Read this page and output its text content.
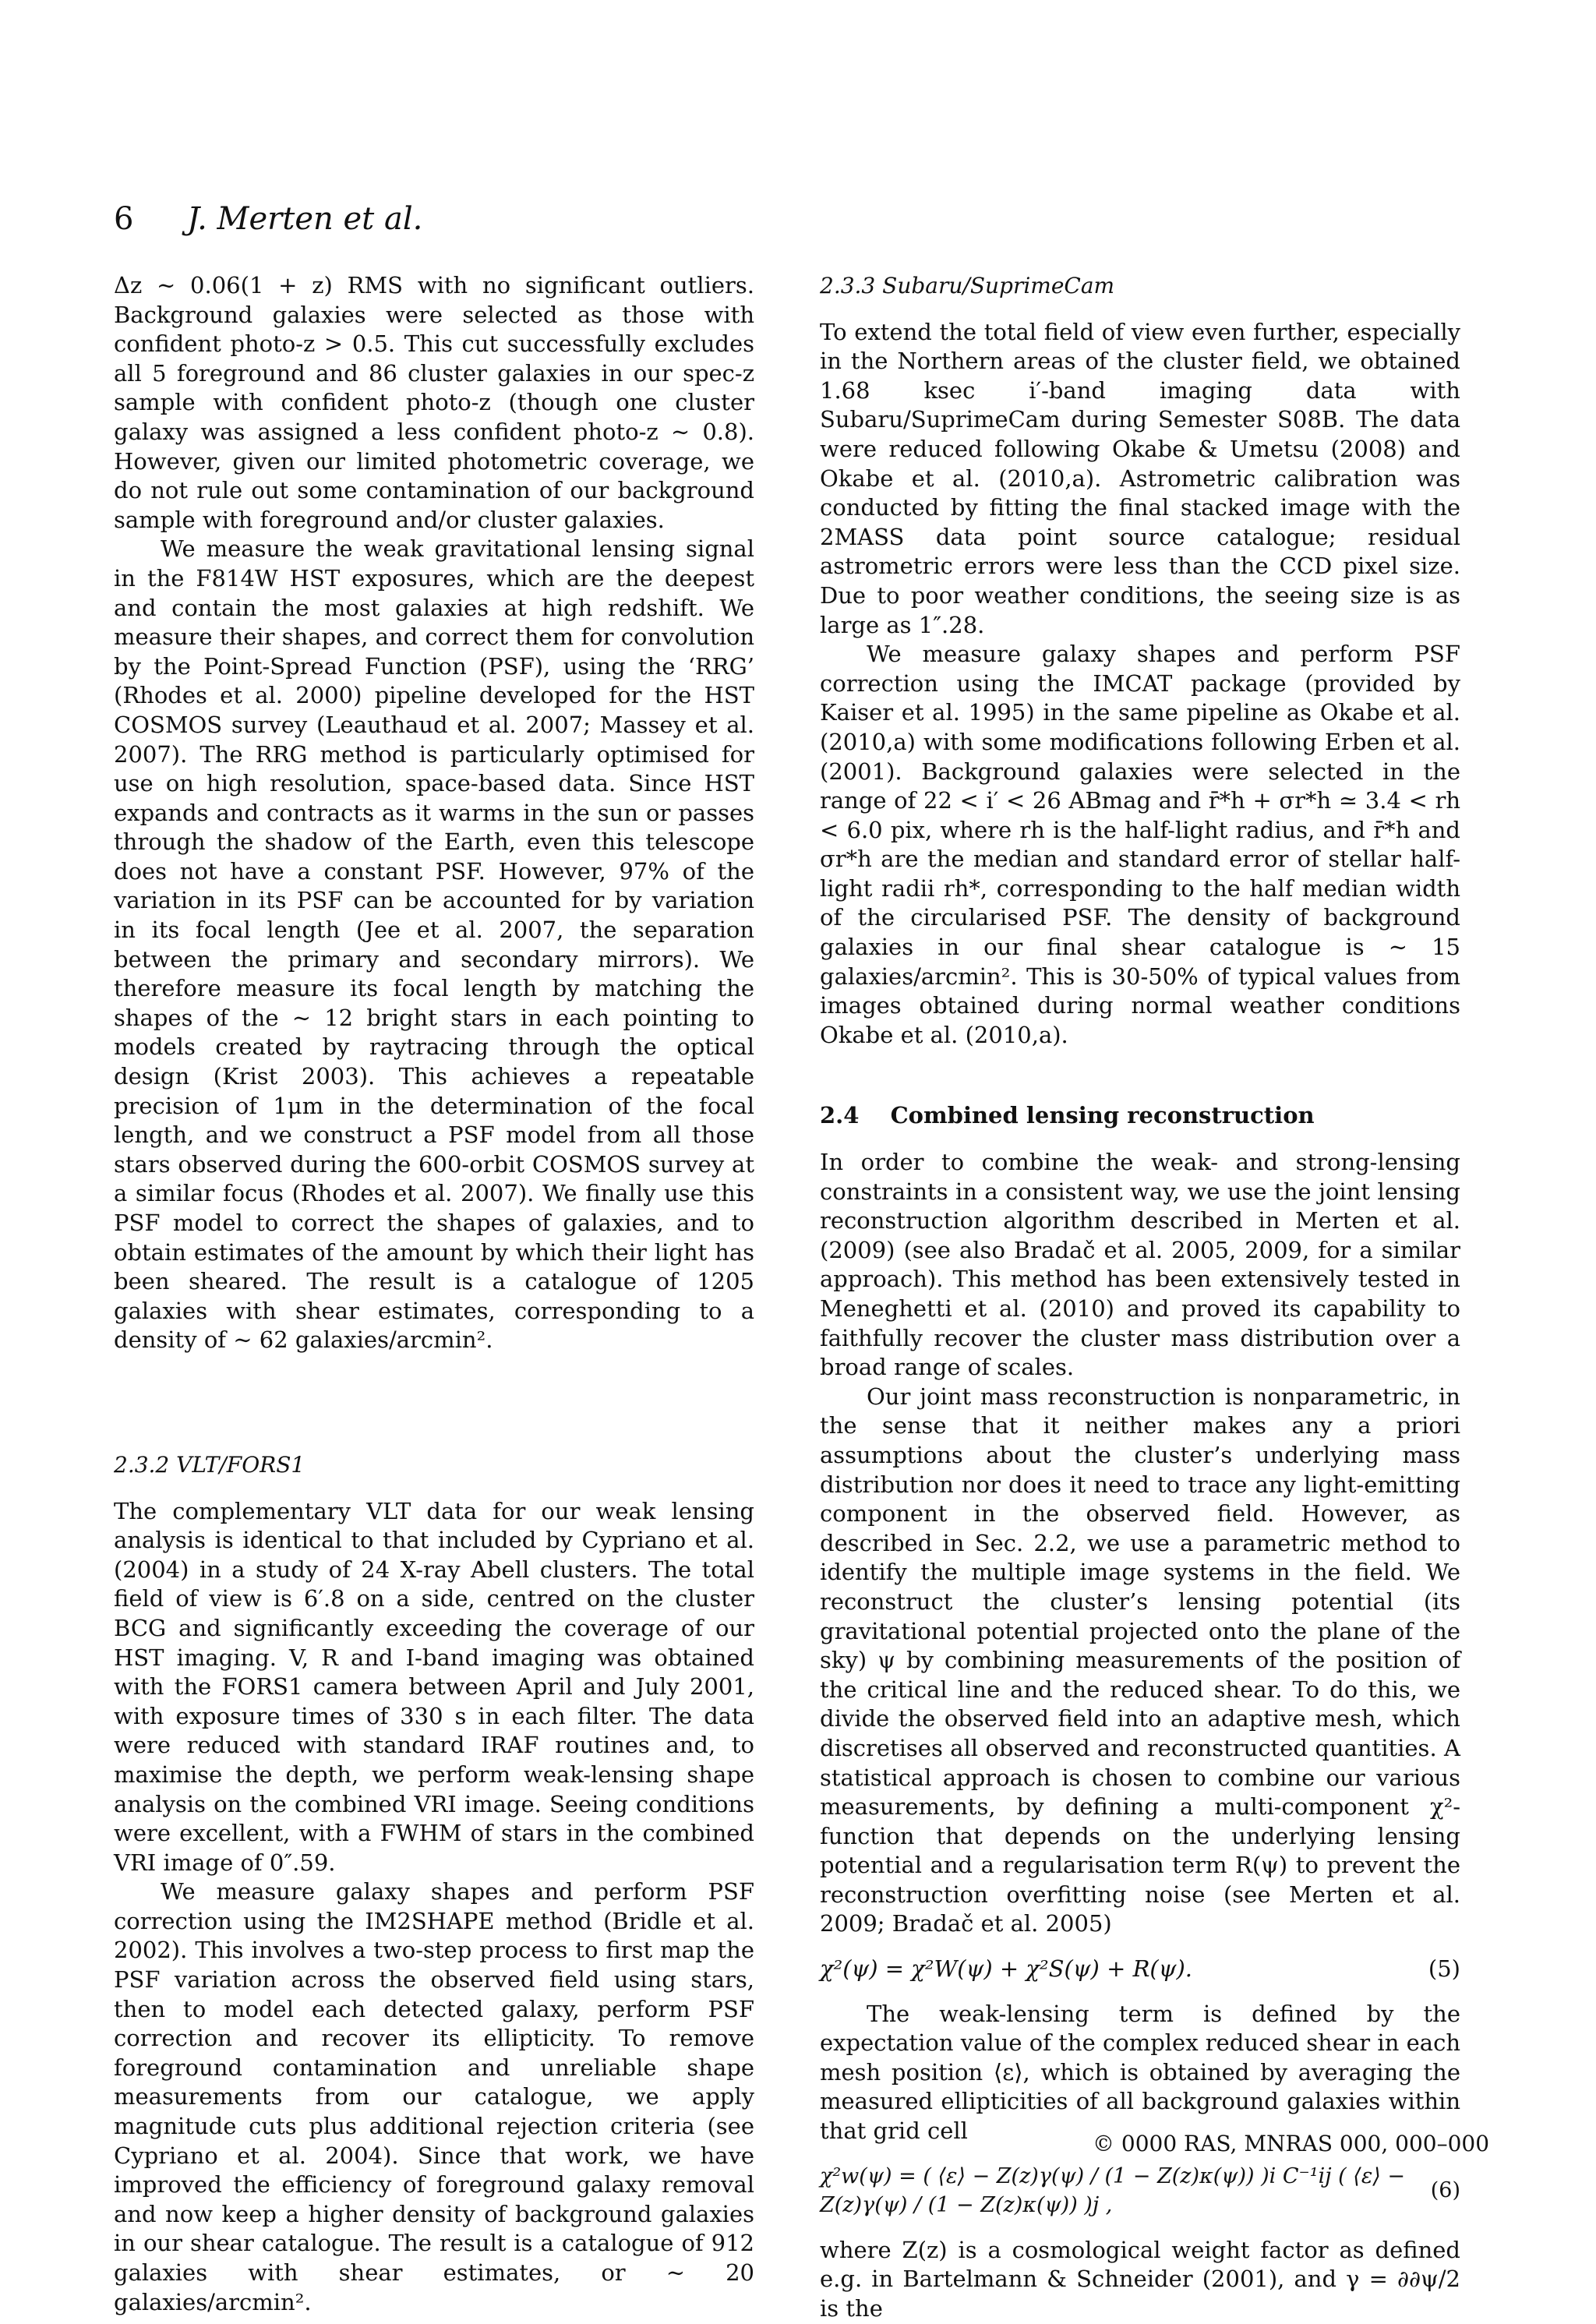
6 J. Merten et al.

Δz ∼ 0.06(1 + z) RMS with no significant outliers. Background galaxies were selected as those with confident photo-z > 0.5. This cut successfully excludes all 5 foreground and 86 cluster galaxies in our spec-z sample with confident photo-z (though one cluster galaxy was assigned a less confident photo-z ∼ 0.8). However, given our limited photometric coverage, we do not rule out some contamination of our background sample with foreground and/or cluster galaxies.

We measure the weak gravitational lensing signal in the F814W HST exposures, which are the deepest and contain the most galaxies at high redshift. We measure their shapes, and correct them for convolution by the Point-Spread Function (PSF), using the ‘RRG’ (Rhodes et al. 2000) pipeline developed for the HST COSMOS survey (Leauthaud et al. 2007; Massey et al. 2007). The RRG method is particularly optimised for use on high resolution, space-based data. Since HST expands and contracts as it warms in the sun or passes through the shadow of the Earth, even this telescope does not have a constant PSF. However, 97% of the variation in its PSF can be accounted for by variation in its focal length (Jee et al. 2007, the separation between the primary and secondary mirrors). We therefore measure its focal length by matching the shapes of the ∼ 12 bright stars in each pointing to models created by raytracing through the optical design (Krist 2003). This achieves a repeatable precision of 1μm in the determination of the focal length, and we construct a PSF model from all those stars observed during the 600-orbit COSMOS survey at a similar focus (Rhodes et al. 2007). We finally use this PSF model to correct the shapes of galaxies, and to obtain estimates of the amount by which their light has been sheared. The result is a catalogue of 1205 galaxies with shear estimates, corresponding to a density of ∼ 62 galaxies/arcmin².

2.3.2 VLT/FORS1

The complementary VLT data for our weak lensing analysis is identical to that included by Cypriano et al. (2004) in a study of 24 X-ray Abell clusters. The total field of view is 6′.8 on a side, centred on the cluster BCG and significantly exceeding the coverage of our HST imaging. V, R and I-band imaging was obtained with the FORS1 camera between April and July 2001, with exposure times of 330 s in each filter. The data were reduced with standard IRAF routines and, to maximise the depth, we perform weak-lensing shape analysis on the combined VRI image. Seeing conditions were excellent, with a FWHM of stars in the combined VRI image of 0″.59.

We measure galaxy shapes and perform PSF correction using the IM2SHAPE method (Bridle et al. 2002). This involves a two-step process to first map the PSF variation across the observed field using stars, then to model each detected galaxy, perform PSF correction and recover its ellipticity. To remove foreground contamination and unreliable shape measurements from our catalogue, we apply magnitude cuts plus additional rejection criteria (see Cypriano et al. 2004). Since that work, we have improved the efficiency of foreground galaxy removal and now keep a higher density of background galaxies in our shear catalogue. The result is a catalogue of 912 galaxies with shear estimates, or ∼ 20 galaxies/arcmin².

2.3.3 Subaru/SuprimeCam

To extend the total field of view even further, especially in the Northern areas of the cluster field, we obtained 1.68 ksec i′-band imaging data with Subaru/SuprimeCam during Semester S08B. The data were reduced following Okabe & Umetsu (2008) and Okabe et al. (2010,a). Astrometric calibration was conducted by fitting the final stacked image with the 2MASS data point source catalogue; residual astrometric errors were less than the CCD pixel size. Due to poor weather conditions, the seeing size is as large as 1″.28.

We measure galaxy shapes and perform PSF correction using the IMCAT package (provided by Kaiser et al. 1995) in the same pipeline as Okabe et al. (2010,a) with some modifications following Erben et al. (2001). Background galaxies were selected in the range of 22 < i′ < 26 ABmag and r̄*h + σr*h ≃ 3.4 < rh < 6.0 pix, where rh is the half-light radius, and r̄*h and σr*h are the median and standard error of stellar half-light radii rh*, corresponding to the half median width of the circularised PSF. The density of background galaxies in our final shear catalogue is ∼ 15 galaxies/arcmin². This is 30-50% of typical values from images obtained during normal weather conditions Okabe et al. (2010,a).

2.4 Combined lensing reconstruction

In order to combine the weak- and strong-lensing constraints in a consistent way, we use the joint lensing reconstruction algorithm described in Merten et al. (2009) (see also Bradač et al. 2005, 2009, for a similar approach). This method has been extensively tested in Meneghetti et al. (2010) and proved its capability to faithfully recover the cluster mass distribution over a broad range of scales.

Our joint mass reconstruction is nonparametric, in the sense that it neither makes any a priori assumptions about the cluster’s underlying mass distribution nor does it need to trace any light-emitting component in the observed field. However, as described in Sec. 2.2, we use a parametric method to identify the multiple image systems in the field. We reconstruct the cluster’s lensing potential (its gravitational potential projected onto the plane of the sky) ψ by combining measurements of the position of the critical line and the reduced shear. To do this, we divide the observed field into an adaptive mesh, which discretises all observed and reconstructed quantities. A statistical approach is chosen to combine our various measurements, by defining a multi-component χ²-function that depends on the underlying lensing potential and a regularisation term R(ψ) to prevent the reconstruction overfitting noise (see Merten et al. 2009; Bradač et al. 2005)

χ²(ψ) = χ²W(ψ) + χ²S(ψ) + R(ψ).	(5)

The weak-lensing term is defined by the expectation value of the complex reduced shear in each mesh position ⟨ε⟩, which is obtained by averaging the measured ellipticities of all background galaxies within that grid cell

χ²w(ψ) = ( ⟨ε⟩ − Z(z)γ(ψ) / (1 − Z(z)κ(ψ)) )i C⁻¹ij ( ⟨ε⟩ − Z(z)γ(ψ) / (1 − Z(z)κ(ψ)) )j ,
(6)

where Z(z) is a cosmological weight factor as defined e.g. in Bartelmann & Schneider (2001), and γ = ∂∂ψ/2 is the

© 0000 RAS, MNRAS 000, 000–000
